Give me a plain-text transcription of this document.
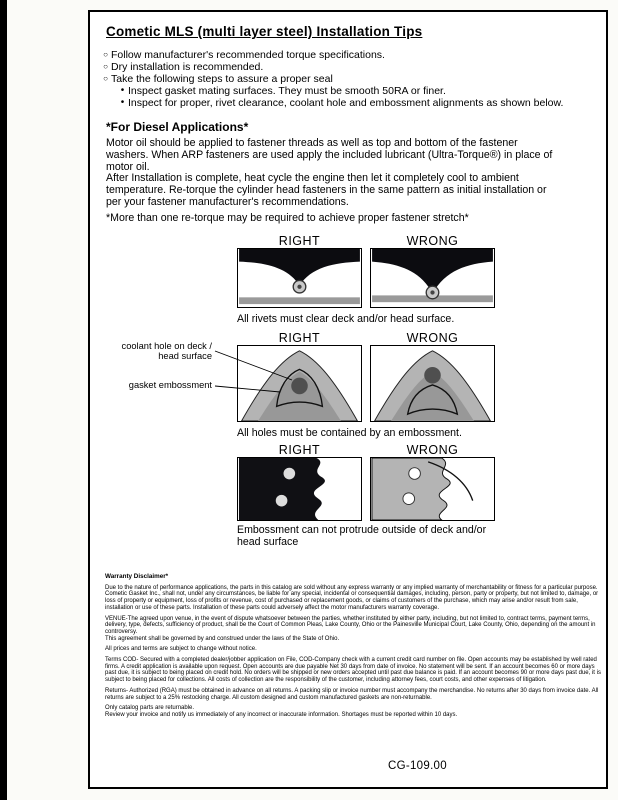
Cometic MLS (multi layer steel) Installation Tips
○ Follow manufacturer's recommended torque specifications.
○ Dry installation is recommended.
○ Take the following steps to assure a proper seal
• Inspect gasket mating surfaces. They must be smooth 50RA or finer.
• Inspect for proper, rivet clearance, coolant hole and embossment alignments as shown below.
*For Diesel Applications*

Motor oil should be applied to fastener threads as well as top and bottom of the fastener washers. When ARP fasteners are used apply the included lubricant (Ultra-Torque®) in place of motor oil.

After Installation is complete, heat cycle the engine then let it completely cool to ambient temperature. Re-torque the cylinder head fasteners in the same pattern as initial installation or per your fastener manufacturer's recommendations.

*More than one re-torque may be required to achieve proper fastener stretch*

RIGHT	WRONG
All rivets must clear deck and/or head surface.
RIGHT	WRONG
coolant hole on deck / head surface
gasket embossment
All holes must be contained by an embossment.
RIGHT	WRONG
Embossment can not protrude outside of deck and/or head surface
Warranty Disclaimer*

Due to the nature of performance applications, the parts in this catalog are sold without any express warranty or any implied warranty of merchantability or fitness for a particular purpose. Cometic Gasket Inc., shall not, under any circumstances, be liable for any special, incidental or consequential damages, including, person, party or property, but not limited to, damage, or loss of property or equipment, loss of profits or revenue, cost of purchased or replacement goods, or claims of customers of the purchase, which may arise and/or result from sale, installation or use of these parts. Installation of these parts could adversely affect the motor manufacturers warranty coverage.

VENUE-The agreed upon venue, in the event of dispute whatsoever between the parties, whether instituted by either party, including, but not limited to, contract terms, payment terms, delivery, type, defects, sufficiency of product, shall be the Court of Common Pleas, Lake County, Ohio or the Painesville Municipal Court, Lake County, Ohio, depending on the amount in controversy.

This agreement shall be governed by and construed under the laws of the State of Ohio.

All prices and terms are subject to change without notice.

Terms COD- Secured with a completed dealer/jobber application on File, COD-Company check with a current credit card number on file. Open accounts may be established by well rated firms. A credit application is available upon request. Open accounts are due payable Net 30 days from date of invoice. No statement will be sent. If an account becomes 60 or more days past due, it is subject to being placed on credit hold. No orders will be shipped or new orders accepted until past due balance is paid. If an account becomes 90 or more days past due, it is subject to being placed for collections. All costs of collection are the responsibility of the customer, including attorney fees, court costs, and other expenses of litigation.

Returns- Authorized (RGA) must be obtained in advance on all returns. A packing slip or invoice number must accompany the merchandise. No returns after 30 days from invoice date. All returns are subject to a 25% restocking charge. All custom designed and custom manufactured gaskets are non-returnable.

Only catalog parts are returnable.

Review your invoice and notify us immediately of any incorrect or inaccurate information. Shortages must be reported within 10 days.

CG-109.00
